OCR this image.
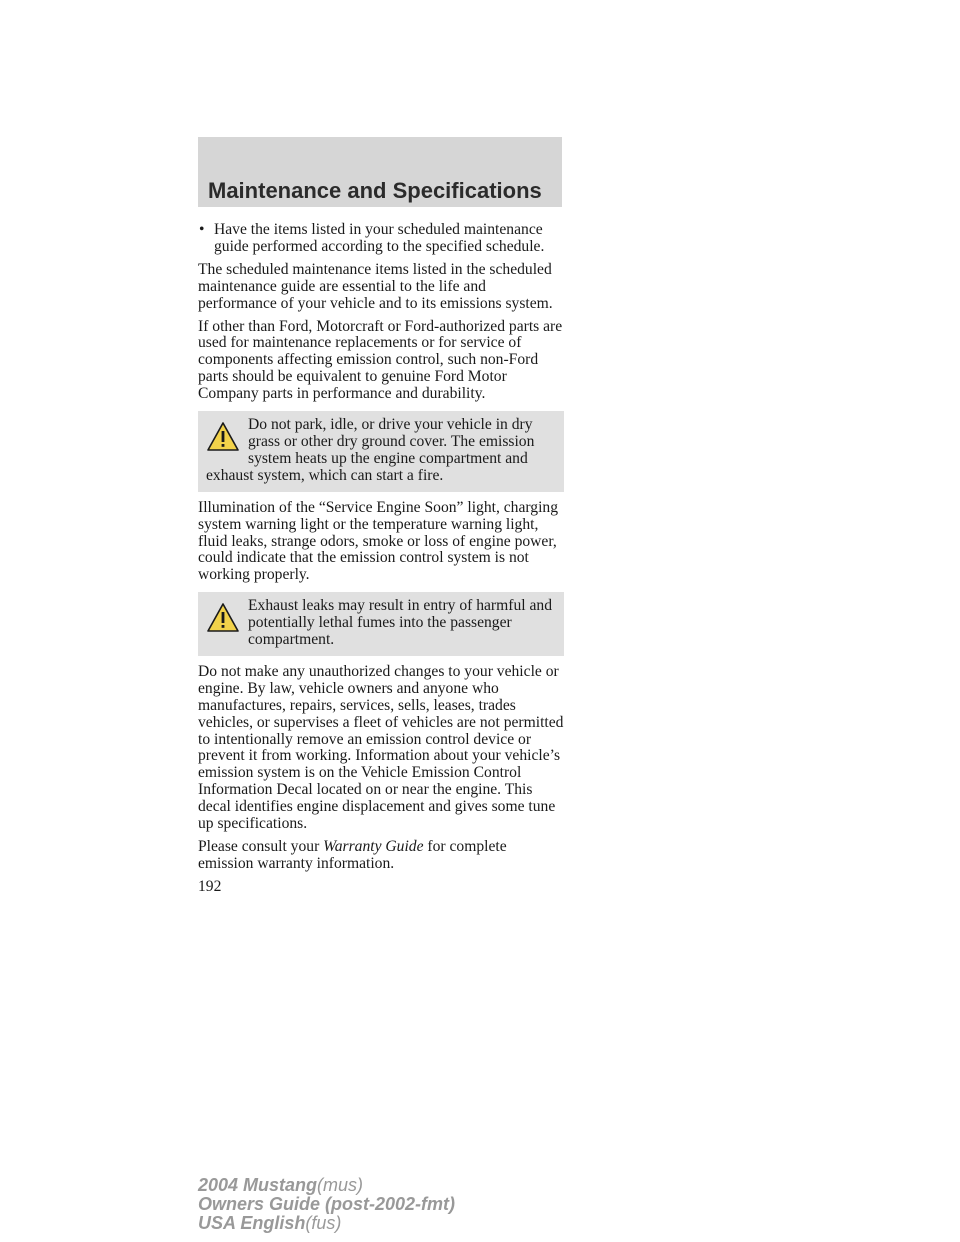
Maintenance and Specifications

• Have the items listed in your scheduled maintenance guide performed according to the specified schedule.

The scheduled maintenance items listed in the scheduled maintenance guide are essential to the life and performance of your vehicle and to its emissions system.

If other than Ford, Motorcraft or Ford-authorized parts are used for maintenance replacements or for service of components affecting emission control, such non-Ford parts should be equivalent to genuine Ford Motor Company parts in performance and durability.

Do not park, idle, or drive your vehicle in dry grass or other dry ground cover. The emission system heats up the engine compartment and exhaust system, which can start a fire.

Illumination of the “Service Engine Soon” light, charging system warning light or the temperature warning light, fluid leaks, strange odors, smoke or loss of engine power, could indicate that the emission control system is not working properly.

Exhaust leaks may result in entry of harmful and potentially lethal fumes into the passenger compartment.

Do not make any unauthorized changes to your vehicle or engine. By law, vehicle owners and anyone who manufactures, repairs, services, sells, leases, trades vehicles, or supervises a fleet of vehicles are not permitted to intentionally remove an emission control device or prevent it from working. Information about your vehicle’s emission system is on the Vehicle Emission Control Information Decal located on or near the engine. This decal identifies engine displacement and gives some tune up specifications.

Please consult your Warranty Guide for complete emission warranty information.

192

2004 Mustang(mus)
Owners Guide (post-2002-fmt)
USA English(fus)
